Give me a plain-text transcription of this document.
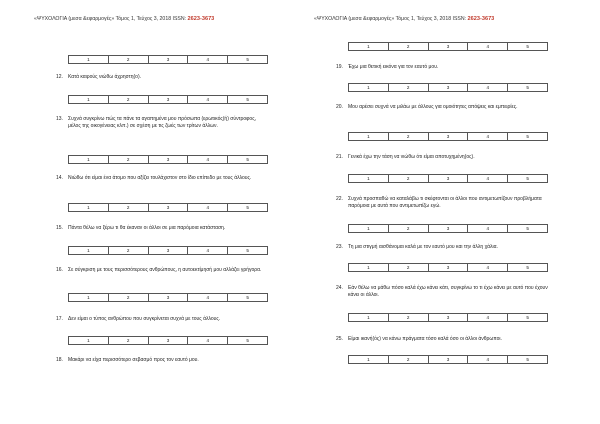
«ΨΥΧΟΛΟΓΙΑ (μεσα &εφαρμογές» Τόμος 1, Τεύχος 3, 2018 ISSN: 2623-3673
1	2	3	4	5
12. Κατά καιρούς νιώθω άχρηστη(ο).
1	2	3	4	5
13. Συχνά συγκρίνω πώς τα πάνε τα αγαπημένα μου πρόσωπα (ερωτικός(ή) σύντροφος, μέλος της οικογένειας κλπ.) σε σχέση με τις ζωές των τρίτων άλλων.
1	2	3	4	5
14. Νιώθω ότι είμαι ένα άτομο που αξίζει τουλάχιστον στο ίδιο επίπεδο με τους άλλους.
1	2	3	4	5
15. Πάντα θέλω να ξέρω τι θα έκαναν οι άλλοι σε μια παρόμοια κατάσταση.
1	2	3	4	5
16. Σε σύγκριση με τους περισσότερους ανθρώπους, η αυτοεκτίμησή μου αλλάζει γρήγορα.
1	2	3	4	5
17. Δεν είμαι ο τύπος ανθρώπου που συγκρίνεται συχνά με τους άλλους.
1	2	3	4	5
18. Μακάρι να είχα περισσότερο σεβασμό προς τον εαυτό μου.
«ΨΥΧΟΛΟΓΙΑ (μεσα &εφαρμογές» Τόμος 1, Τεύχος 3, 2018 ISSN: 2623-3673
1	2	3	4	5
19. Έχω μια θετική εικόνα για τον εαυτό μου.
1	2	3	4	5
20. Μου αρέσει συχνά να μιλάω με άλλους για ομοιότητες απόψεις και εμπειρίες.
1	2	3	4	5
21. Γενικά έχω την τάση να νιώθω ότι είμαι αποτυχημένη(ος).
1	2	3	4	5
22. Συχνά προσπαθώ να καταλάβω τι σκέφτονται οι άλλοι που αντιμετωπίζουν προβλήματα παρόμοια με αυτά που αντιμετωπίζω εγώ.
1	2	3	4	5
23. Τη μια στιγμή αισθάνομαι καλά με τον εαυτό μου και την άλλη χάλια.
1	2	3	4	5
24. Εάν θέλω να μάθω πόσο καλά έχω κάνει κάτι, συγκρίνω το τι έχω κάνει με αυτό που έχουν κάνει οι άλλοι.
1	2	3	4	5
25. Είμαι ικανή(ός) να κάνω πράγματα τόσο καλά όσο οι άλλοι άνθρωποι.
1	2	3	4	5
